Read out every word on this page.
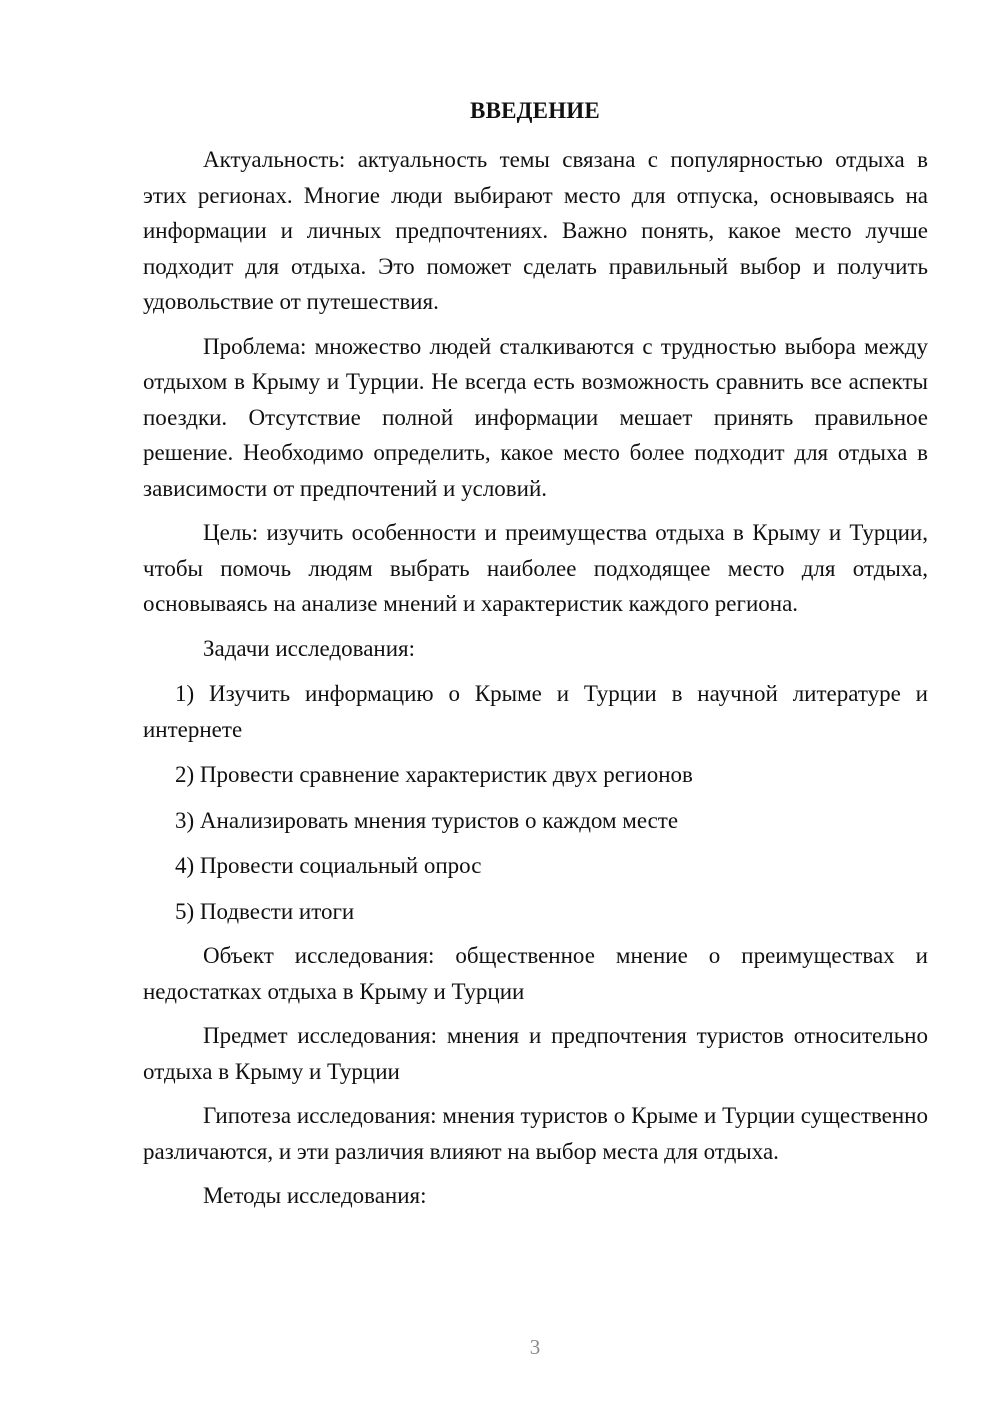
ВВЕДЕНИЕ

Актуальность: актуальность темы связана с популярностью отдыха в этих регионах. Многие люди выбирают место для отпуска, основываясь на информации и личных предпочтениях. Важно понять, какое место лучше подходит для отдыха. Это поможет сделать правильный выбор и получить удовольствие от путешествия.

Проблема: множество людей сталкиваются с трудностью выбора между отдыхом в Крыму и Турции. Не всегда есть возможность сравнить все аспекты поездки. Отсутствие полной информации мешает принять правильное решение. Необходимо определить, какое место более подходит для отдыха в зависимости от предпочтений и условий.

Цель: изучить особенности и преимущества отдыха в Крыму и Турции, чтобы помочь людям выбрать наиболее подходящее место для отдыха, основываясь на анализе мнений и характеристик каждого региона.

Задачи исследования:

1) Изучить информацию о Крыме и Турции в научной литературе и интернете

2) Провести сравнение характеристик двух регионов

3) Анализировать мнения туристов о каждом месте

4) Провести социальный опрос

5) Подвести итоги

Объект исследования: общественное мнение о преимуществах и недостатках отдыха в Крыму и Турции

Предмет исследования: мнения и предпочтения туристов относительно отдыха в Крыму и Турции

Гипотеза исследования: мнения туристов о Крыме и Турции существенно различаются, и эти различия влияют на выбор места для отдыха.

Методы исследования:

3
